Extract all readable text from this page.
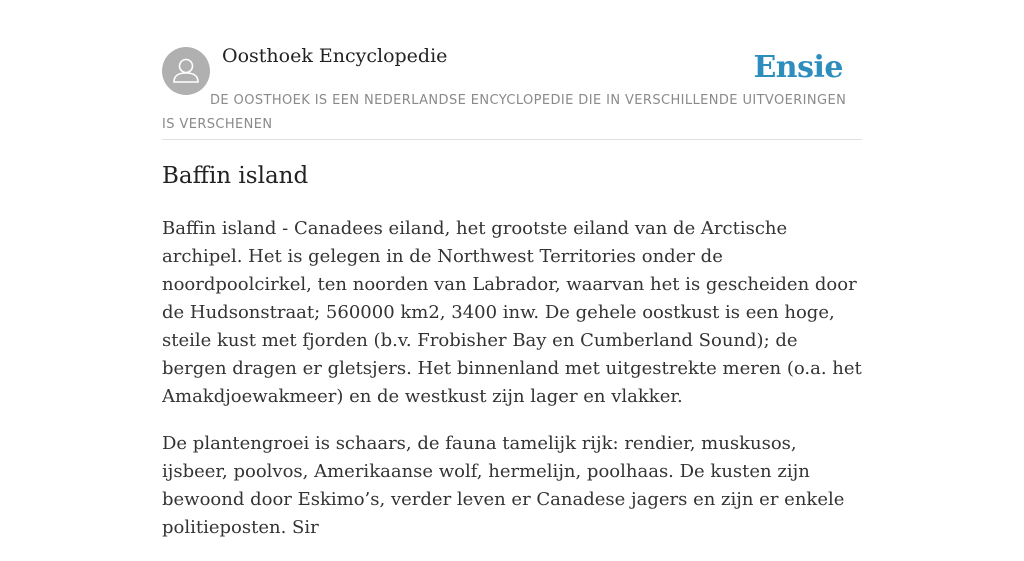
Oosthoek Encyclopedie	Ensie
DE OOSTHOEK IS EEN NEDERLANDSE ENCYCLOPEDIE DIE IN VERSCHILLENDE UITVOERINGEN IS VERSCHENEN
Baffin island

Baffin island - Canadees eiland, het grootste eiland van de Arctische archipel. Het is gelegen in de Northwest Territories onder de noordpoolcirkel, ten noorden van Labrador, waarvan het is gescheiden door de Hudsonstraat; 560000 km2, 3400 inw. De gehele oostkust is een hoge, steile kust met fjorden (b.v. Frobisher Bay en Cumberland Sound); de bergen dragen er gletsjers. Het binnenland met uitgestrekte meren (o.a. het Amakdjoewakmeer) en de westkust zijn lager en vlakker.

De plantengroei is schaars, de fauna tamelijk rijk: rendier, muskusos, ijsbeer, poolvos, Amerikaanse wolf, hermelijn, poolhaas. De kusten zijn bewoond door Eskimo’s, verder leven er Canadese jagers en zijn er enkele politieposten. Sir
